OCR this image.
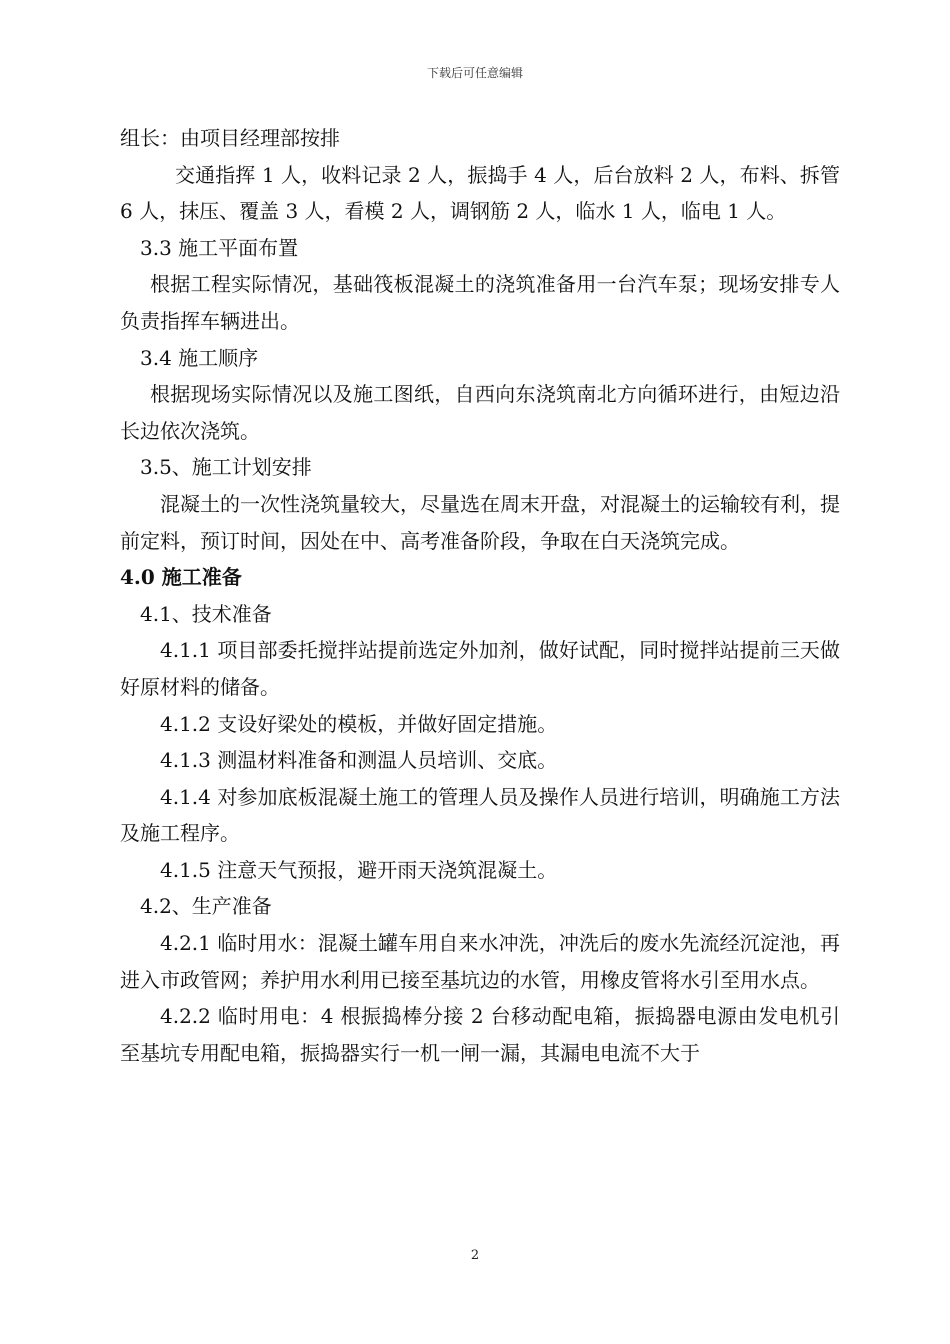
下载后可任意编辑

组长：由项目经理部按排

交通指挥 1 人，收料记录 2 人，振捣手 4 人，后台放料 2 人，布料、拆管 6 人，抹压、覆盖 3 人，看模 2 人，调钢筋 2 人，临水 1 人，临电 1 人。

3.3 施工平面布置

根据工程实际情况，基础筏板混凝土的浇筑准备用一台汽车泵；现场安排专人负责指挥车辆进出。

3.4 施工顺序

根据现场实际情况以及施工图纸，自西向东浇筑南北方向循环进行，由短边沿长边依次浇筑。

3.5、施工计划安排

混凝土的一次性浇筑量较大，尽量选在周末开盘，对混凝土的运输较有利，提前定料，预订时间，因处在中、高考准备阶段，争取在白天浇筑完成。

4.0 施工准备

4.1、技术准备

4.1.1 项目部委托搅拌站提前选定外加剂，做好试配，同时搅拌站提前三天做好原材料的储备。

4.1.2 支设好梁处的模板，并做好固定措施。

4.1.3 测温材料准备和测温人员培训、交底。

4.1.4 对参加底板混凝土施工的管理人员及操作人员进行培训，明确施工方法及施工程序。

4.1.5 注意天气预报，避开雨天浇筑混凝土。

4.2、生产准备

4.2.1 临时用水：混凝土罐车用自来水冲洗，冲洗后的废水先流经沉淀池，再进入市政管网；养护用水利用已接至基坑边的水管，用橡皮管将水引至用水点。

4.2.2 临时用电：4 根振捣棒分接 2 台移动配电箱，振捣器电源由发电机引至基坑专用配电箱，振捣器实行一机一闸一漏，其漏电电流不大于

2
